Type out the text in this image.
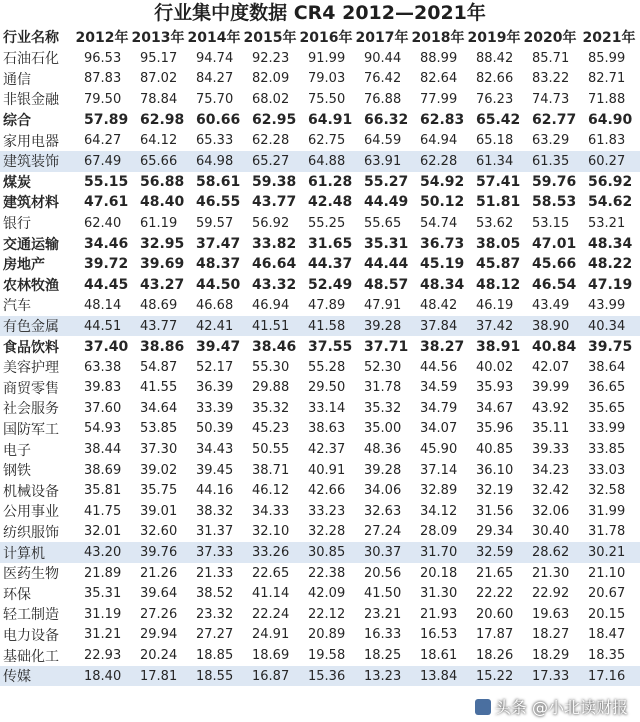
行业集中度数据 CR4 2012—2021年
行业名称	2012年	2013年	2014年	2015年	2016年	2017年	2018年	2019年	2020年	2021年
石油石化	96.53	95.17	94.74	92.23	91.99	90.44	88.99	88.42	85.71	85.99
通信	87.83	87.02	84.27	82.09	79.03	76.42	82.64	82.66	83.22	82.71
非银金融	79.50	78.84	75.70	68.02	75.50	76.88	77.99	76.23	74.73	71.88
综合	57.89	62.98	60.66	62.95	64.91	66.32	62.83	65.42	62.77	64.90
家用电器	64.27	64.12	65.33	62.28	62.75	64.59	64.94	65.18	63.29	61.83
建筑装饰	67.49	65.66	64.98	65.27	64.88	63.91	62.28	61.34	61.35	60.27
煤炭	55.15	56.88	58.61	59.38	61.28	55.27	54.92	57.41	59.76	56.92
建筑材料	47.61	48.40	46.55	43.77	42.48	44.49	50.12	51.81	58.53	54.62
银行	62.40	61.19	59.57	56.92	55.25	55.65	54.74	53.62	53.15	53.21
交通运输	34.46	32.95	37.47	33.82	31.65	35.31	36.73	38.05	47.01	48.34
房地产	39.72	39.69	48.37	46.64	44.37	44.44	45.19	45.87	45.66	48.22
农林牧渔	44.45	43.27	44.50	43.32	52.49	48.57	48.34	48.12	46.54	47.19
汽车	48.14	48.69	46.68	46.94	47.89	47.91	48.42	46.19	43.49	43.99
有色金属	44.51	43.77	42.41	41.51	41.58	39.28	37.84	37.42	38.90	40.34
食品饮料	37.40	38.86	39.47	38.46	37.55	37.71	38.27	38.91	40.84	39.75
美容护理	63.38	54.87	52.17	55.30	55.28	52.30	44.56	40.02	42.07	38.64
商贸零售	39.83	41.55	36.39	29.88	29.50	31.78	34.59	35.93	39.99	36.65
社会服务	37.60	34.64	33.39	35.32	33.14	35.32	34.79	34.67	43.92	35.65
国防军工	54.93	53.85	50.39	45.23	38.63	35.00	34.07	35.96	35.11	33.99
电子	38.44	37.30	34.43	50.55	42.37	48.36	45.90	40.85	39.33	33.85
钢铁	38.69	39.02	39.45	38.71	40.91	39.28	37.14	36.10	34.23	33.03
机械设备	35.81	35.75	44.16	46.12	42.66	34.06	32.89	32.19	32.42	32.58
公用事业	41.75	39.01	38.32	34.33	33.23	32.63	34.12	31.56	32.06	31.99
纺织服饰	32.01	32.60	31.37	32.10	32.28	27.24	28.09	29.34	30.40	31.78
计算机	43.20	39.76	37.33	33.26	30.85	30.37	31.70	32.59	28.62	30.21
医药生物	21.89	21.26	21.33	22.65	22.38	20.56	20.18	21.65	21.30	21.10
环保	35.31	39.64	38.52	41.14	42.09	41.50	31.30	22.22	22.92	20.67
轻工制造	31.19	27.26	23.32	22.24	22.12	23.21	21.93	20.60	19.63	20.15
电力设备	31.21	29.94	27.27	24.91	20.89	16.33	16.53	17.87	18.27	18.47
基础化工	22.93	20.24	18.85	18.69	19.58	18.25	18.61	18.26	18.29	18.35
传媒	18.40	17.81	18.55	16.87	15.36	13.23	13.84	15.22	17.33	17.16
头条 @小北读财报
